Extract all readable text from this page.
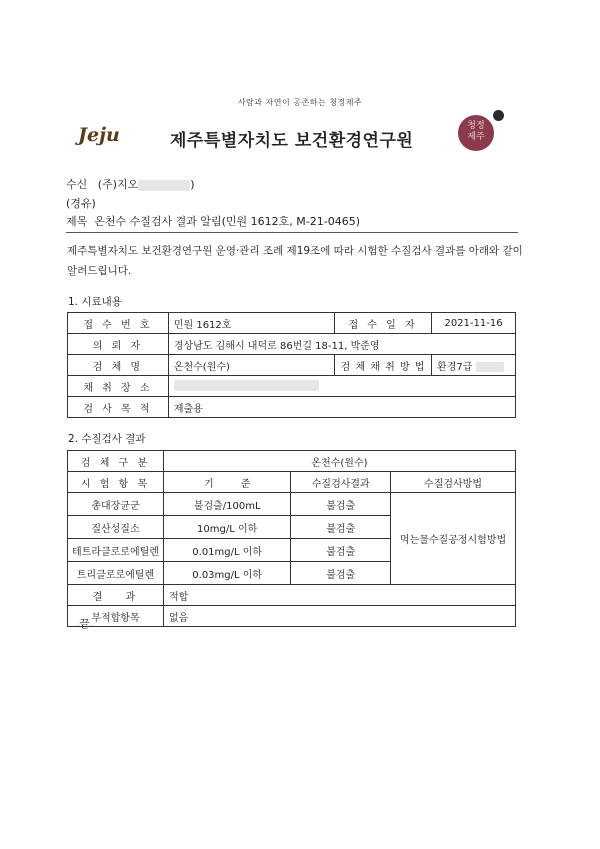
사람과 자연이 공존하는 청정제주
Jeju	제주특별자치도 보건환경연구원
청정
제주
수신 (주)지오	)
(경유)
제목 온천수 수질검사 결과 알림(민원 1612호, M-21-0465)
제주특별자치도 보건환경연구원 운영·관리 조례 제19조에 따라 시험한 수질검사 결과를 아래와 같이 알려드립니다.
1. 시료내용
접 수 번 호	민원 1612호	접 수 일 자	2021-11-16
의 뢰 자	경상남도 김해시 내덕로 86번길 18-11, 박준영		
검 체 명	온천수(원수)	검 체 채 취 방 법	환경7급
채 취 장 소			
검 사 목 적	제출용		
2. 수질검사 결과
검 체 구 분	온천수(원수)		
시 험 항 목	기 준	수질검사결과	수질검사방법
총대장균군	불검출/100mL	불검출	먹는물수질공정시험방법
질산성질소	10mg/L 이하	불검출	
테트라클로로에틸렌	0.01mg/L 이하	불검출	
트리클로로에틸렌	0.03mg/L 이하	불검출	
결 과	적합		
부적합항목	없음		
.끝.
